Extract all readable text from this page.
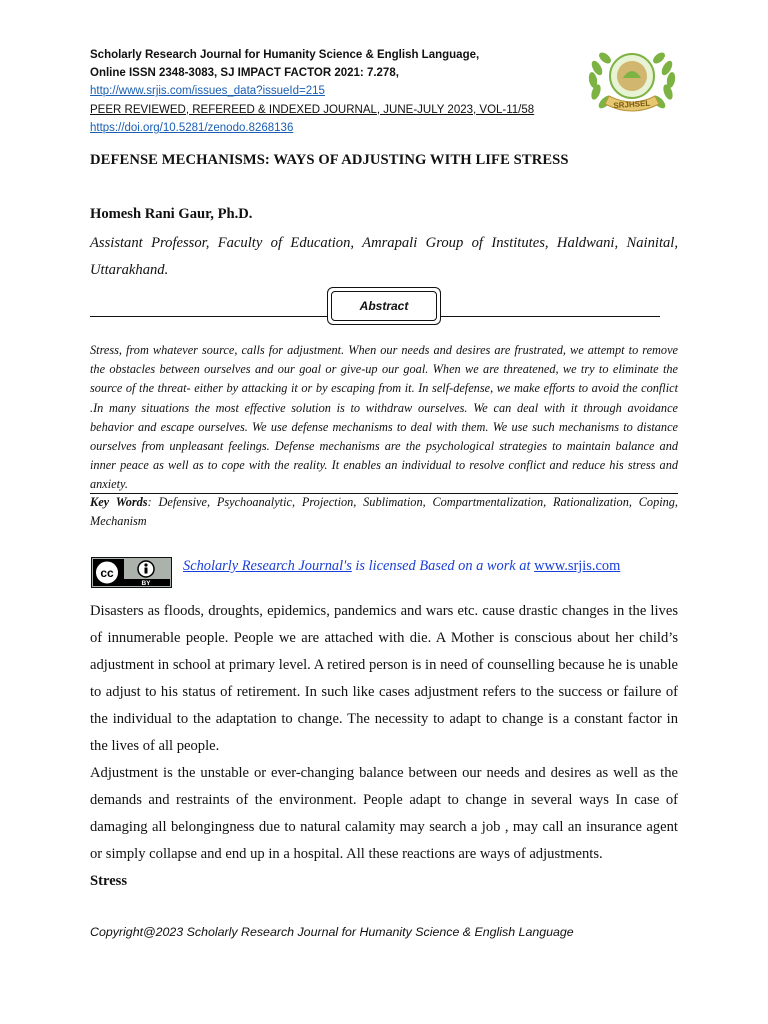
Scholarly Research Journal for Humanity Science & English Language,
Online ISSN 2348-3083, SJ IMPACT FACTOR 2021: 7.278,
http://www.srjis.com/issues_data?issueId=215
PEER REVIEWED, REFEREED & INDEXED JOURNAL, JUNE-JULY 2023, VOL-11/58
https://doi.org/10.5281/zenodo.8268136
SRJHSEL
DEFENSE MECHANISMS: WAYS OF ADJUSTING WITH LIFE STRESS
Homesh Rani Gaur, Ph.D.
Assistant Professor, Faculty of Education, Amrapali Group of Institutes, Haldwani, Nainital, Uttarakhand.
Abstract
Stress, from whatever source, calls for adjustment. When our needs and desires are frustrated, we attempt to remove the obstacles between ourselves and our goal or give-up our goal. When we are threatened, we try to eliminate the source of the threat- either by attacking it or by escaping from it. In self-defense, we make efforts to avoid the conflict .In many situations the most effective solution is to withdraw ourselves. We can deal with it through avoidance behavior and escape ourselves. We use defense mechanisms to deal with them. We use such mechanisms to distance ourselves from unpleasant feelings. Defense mechanisms are the psychological strategies to maintain balance and inner peace as well as to cope with the reality. It enables an individual to resolve conflict and reduce his stress and anxiety.
Key Words: Defensive, Psychoanalytic, Projection, Sublimation, Compartmentalization, Rationalization, Coping, Mechanism
cc
BY
Scholarly Research Journal's is licensed Based on a work at www.srjis.com

Disasters as floods, droughts, epidemics, pandemics and wars etc. cause drastic changes in the lives of innumerable people. People we are attached with die. A Mother is conscious about her child’s adjustment in school at primary level. A retired person is in need of counselling because he is unable to adjust to his status of retirement. In such like cases adjustment refers to the success or failure of the individual to the adaptation to change. The necessity to adapt to change is a constant factor in the lives of all people.

Adjustment is the unstable or ever-changing balance between our needs and desires as well as the demands and restraints of the environment. People adapt to change in several ways In case of damaging all belongingness due to natural calamity may search a job , may call an insurance agent or simply collapse and end up in a hospital. All these reactions are ways of adjustments.

Stress
Copyright@2023 Scholarly Research Journal for Humanity Science & English Language
